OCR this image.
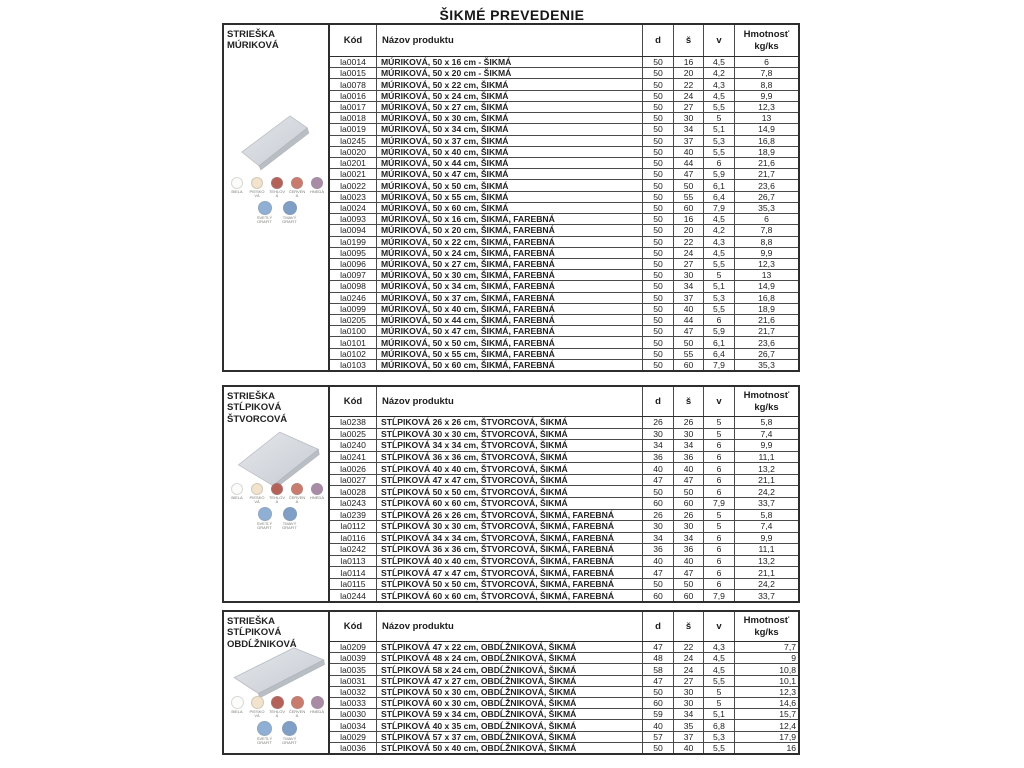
ŠIKMÉ PREVEDENIE
STRIEŠKA MÚRIKOVÁ
BIELA PIESKOVÁ
TEHLOVÁ
ČERVENÁ
HNEDÁ
SVETLÝ GRAFIT
TMAVÝ GRAFIT
Kód	Názov produktu	d	š	v
Hmotnosť
kg/ks
la0014	MÚRIKOVÁ, 50 x 16 cm - ŠIKMÁ	50	16	4,5	6
la0015	MÚRIKOVÁ, 50 x 20 cm - ŠIKMÁ	50	20	4,2	7,8
la0078	MÚRIKOVÁ, 50 x 22 cm, ŠIKMÁ	50	22	4,3	8,8
la0016	MÚRIKOVÁ, 50 x 24 cm, ŠIKMÁ	50	24	4,5	9,9
la0017	MÚRIKOVÁ, 50 x 27 cm, ŠIKMÁ	50	27	5,5	12,3
la0018	MÚRIKOVÁ, 50 x 30 cm, ŠIKMÁ	50	30	5	13
la0019	MÚRIKOVÁ, 50 x 34 cm, ŠIKMÁ	50	34	5,1	14,9
la0245	MÚRIKOVÁ, 50 x 37 cm, ŠIKMÁ	50	37	5,3	16,8
la0020	MÚRIKOVÁ, 50 x 40 cm, ŠIKMÁ	50	40	5,5	18,9
la0201	MÚRIKOVÁ, 50 x 44 cm, ŠIKMÁ	50	44	6	21,6
la0021	MÚRIKOVÁ, 50 x 47 cm, ŠIKMÁ	50	47	5,9	21,7
la0022	MÚRIKOVÁ, 50 x 50 cm, ŠIKMÁ	50	50	6,1	23,6
la0023	MÚRIKOVÁ, 50 x 55 cm, ŠIKMÁ	50	55	6,4	26,7
la0024	MÚRIKOVÁ, 50 x 60 cm, ŠIKMÁ	50	60	7,9	35,3
la0093	MÚRIKOVÁ, 50 x 16 cm, ŠIKMÁ, FAREBNÁ	50	16	4,5	6
la0094	MÚRIKOVÁ, 50 x 20 cm, ŠIKMÁ, FAREBNÁ	50	20	4,2	7,8
la0199	MÚRIKOVÁ, 50 x 22 cm, ŠIKMÁ, FAREBNÁ	50	22	4,3	8,8
la0095	MÚRIKOVÁ, 50 x 24 cm, ŠIKMÁ, FAREBNÁ	50	24	4,5	9,9
la0096	MÚRIKOVÁ, 50 x 27 cm, ŠIKMÁ, FAREBNÁ	50	27	5,5	12,3
la0097	MÚRIKOVÁ, 50 x 30 cm, ŠIKMÁ, FAREBNÁ	50	30	5	13
la0098	MÚRIKOVÁ, 50 x 34 cm, ŠIKMÁ, FAREBNÁ	50	34	5,1	14,9
la0246	MÚRIKOVÁ, 50 x 37 cm, ŠIKMÁ, FAREBNÁ	50	37	5,3	16,8
la0099	MÚRIKOVÁ, 50 x 40 cm, ŠIKMÁ, FAREBNÁ	50	40	5,5	18,9
la0205	MÚRIKOVÁ, 50 x 44 cm, ŠIKMÁ, FAREBNÁ	50	44	6	21,6
la0100	MÚRIKOVÁ, 50 x 47 cm, ŠIKMÁ, FAREBNÁ	50	47	5,9	21,7
la0101	MÚRIKOVÁ, 50 x 50 cm, ŠIKMÁ, FAREBNÁ	50	50	6,1	23,6
la0102	MÚRIKOVÁ, 50 x 55 cm, ŠIKMÁ, FAREBNÁ	50	55	6,4	26,7
la0103	MÚRIKOVÁ, 50 x 60 cm, ŠIKMÁ, FAREBNÁ	50	60	7,9	35,3
STRIEŠKA STĹPIKOVÁ ŠTVORCOVÁ
BIELA PIESKOVÁ
TEHLOVÁ
ČERVENÁ
HNEDÁ
SVETLÝ GRAFIT
TMAVÝ GRAFIT
Kód	Názov produktu	d	š	v
Hmotnosť
kg/ks
la0238	STĹPIKOVÁ 26 x 26 cm, ŠTVORCOVÁ, ŠIKMÁ	26	26	5	5,8
la0025	STĹPIKOVÁ 30 x 30 cm, ŠTVORCOVÁ, ŠIKMÁ	30	30	5	7,4
la0240	STĹPIKOVÁ 34 x 34 cm, ŠTVORCOVÁ, ŠIKMÁ	34	34	6	9,9
la0241	STĹPIKOVÁ 36 x 36 cm, ŠTVORCOVÁ, ŠIKMÁ	36	36	6	11,1
la0026	STĹPIKOVÁ 40 x 40 cm, ŠTVORCOVÁ, ŠIKMÁ	40	40	6	13,2
la0027	STĹPIKOVÁ 47 x 47 cm, ŠTVORCOVÁ, ŠIKMÁ	47	47	6	21,1
la0028	STĹPIKOVÁ 50 x 50 cm, ŠTVORCOVÁ, ŠIKMÁ	50	50	6	24,2
la0243	STĹPIKOVÁ 60 x 60 cm, ŠTVORCOVÁ, ŠIKMÁ	60	60	7,9	33,7
la0239	STĹPIKOVÁ 26 x 26 cm, ŠTVORCOVÁ, ŠIKMÁ, FAREBNÁ	26	26	5	5,8
la0112	STĹPIKOVÁ 30 x 30 cm, ŠTVORCOVÁ, ŠIKMÁ, FAREBNÁ	30	30	5	7,4
la0116	STĹPIKOVÁ 34 x 34 cm, ŠTVORCOVÁ, ŠIKMÁ, FAREBNÁ	34	34	6	9,9
la0242	STĹPIKOVÁ 36 x 36 cm, ŠTVORCOVÁ, ŠIKMÁ, FAREBNÁ	36	36	6	11,1
la0113	STĹPIKOVÁ 40 x 40 cm, ŠTVORCOVÁ, ŠIKMÁ, FAREBNÁ	40	40	6	13,2
la0114	STĹPIKOVÁ 47 x 47 cm, ŠTVORCOVÁ, ŠIKMÁ, FAREBNÁ	47	47	6	21,1
la0115	STĹPIKOVÁ 50 x 50 cm, ŠTVORCOVÁ, ŠIKMÁ, FAREBNÁ	50	50	6	24,2
la0244	STĹPIKOVÁ 60 x 60 cm, ŠTVORCOVÁ, ŠIKMÁ, FAREBNÁ	60	60	7,9	33,7
STRIEŠKA STĹPIKOVÁ OBDĹŽNIKOVÁ
BIELA PIESKOVÁ
TEHLOVÁ
ČERVENÁ
HNEDÁ
SVETLÝ GRAFIT
TMAVÝ GRAFIT
Kód	Názov produktu	d	š	v
Hmotnosť
kg/ks
la0209	STĹPIKOVÁ 47 x 22 cm, OBDĹŽNIKOVÁ, ŠIKMÁ	47	22	4,3	7,7
la0039	STĹPIKOVÁ 48 x 24 cm, OBDĹŽNIKOVÁ, ŠIKMÁ	48	24	4,5	9
la0035	STĹPIKOVÁ 58 x 24 cm, OBDĹŽNIKOVÁ, ŠIKMÁ	58	24	4,5	10,8
la0031	STĹPIKOVÁ 47 x 27 cm, OBDĹŽNIKOVÁ, ŠIKMÁ	47	27	5,5	10,1
la0032	STĹPIKOVÁ 50 x 30 cm, OBDĹŽNIKOVÁ, ŠIKMÁ	50	30	5	12,3
la0033	STĹPIKOVÁ 60 x 30 cm, OBDĹŽNIKOVÁ, ŠIKMÁ	60	30	5	14,6
la0030	STĹPIKOVÁ 59 x 34 cm, OBDĹŽNIKOVÁ, ŠIKMÁ	59	34	5,1	15,7
la0034	STĹPIKOVÁ 40 x 35 cm, OBDĹŽNIKOVÁ, ŠIKMÁ	40	35	6,8	12,4
la0029	STĹPIKOVÁ 57 x 37 cm, OBDĹŽNIKOVÁ, ŠIKMÁ	57	37	5,3	17,9
la0036	STĹPIKOVÁ 50 x 40 cm, OBDĹŽNIKOVÁ, ŠIKMÁ	50	40	5,5	16
